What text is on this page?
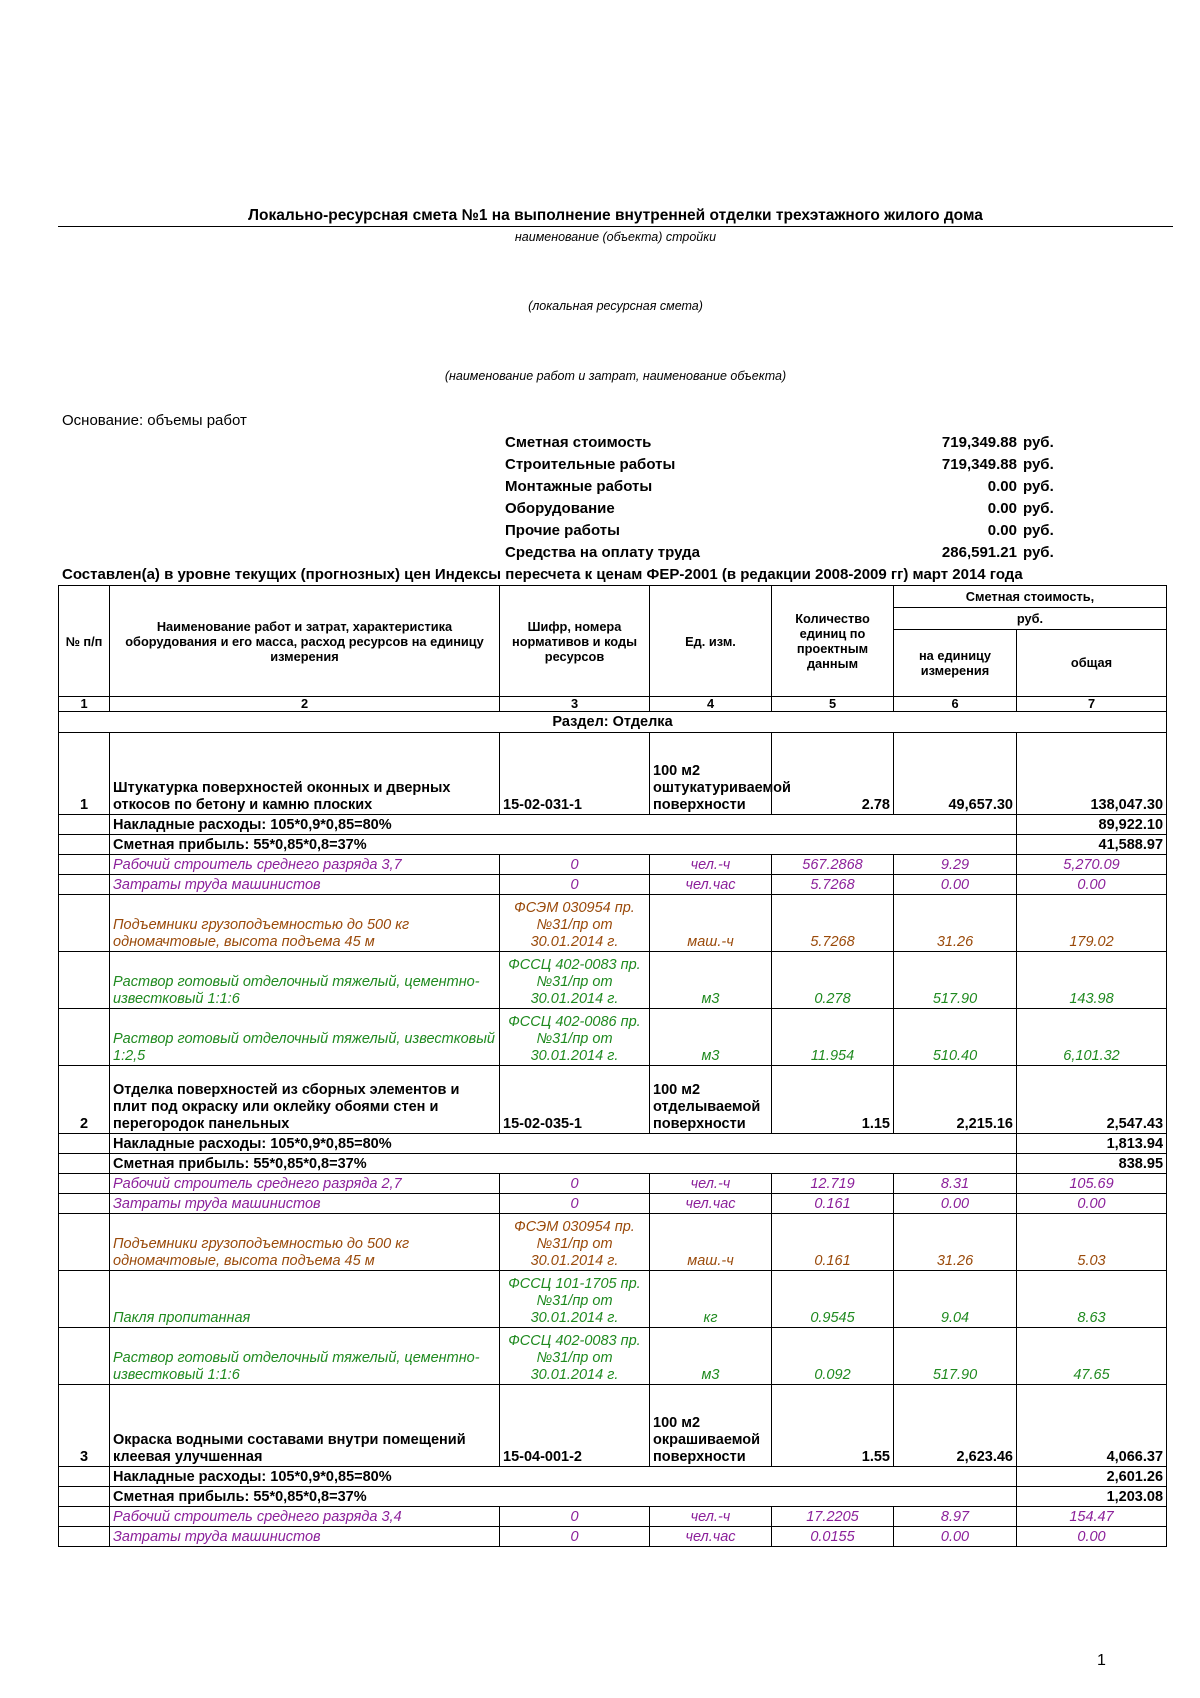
Локально-ресурсная смета №1 на выполнение внутренней отделки трехэтажного жилого дома
наименование (объекта) стройки
(локальная ресурсная смета)
(наименование работ и затрат, наименование объекта)
Основание: объемы работ
Сметная стоимость	719,349.88 руб.
Строительные работы	719,349.88 руб.
Монтажные работы	0.00 руб.
Оборудование	0.00 руб.
Прочие работы	0.00 руб.
Средства на оплату труда	286,591.21 руб.
Составлен(а) в уровне текущих (прогнозных) цен Индексы пересчета к ценам ФЕР-2001 (в редакции 2008-2009 гг) март 2014 года
№ п/п	Наименование работ и затрат, характеристика оборудования и его масса, расход ресурсов на единицу измерения	Шифр, номера нормативов и коды ресурсов	Ед. изм.	Количество единиц по проектным данным	Сметная стоимость,	
					руб.	
					на единицу измерения	общая
1	2	3	4	5	6	7
Раздел: Отделка						
1	Штукатурка поверхностей оконных и дверных откосов по бетону и камню плоских	15-02-031-1	100 м2 оштукатуриваемой поверхности	2.78	49,657.30	138,047.30
	Накладные расходы: 105*0,9*0,85=80%					89,922.10
	Сметная прибыль: 55*0,85*0,8=37%					41,588.97
	Рабочий строитель среднего разряда 3,7	0	чел.-ч	567.2868	9.29	5,270.09
	Затраты труда машинистов	0	чел.час	5.7268	0.00	0.00
	Подъемники грузоподъемностью до 500 кг одномачтовые, высота подъема 45 м	ФСЭМ 030954 пр. №31/пр от 30.01.2014 г.	маш.-ч	5.7268	31.26	179.02
	Раствор готовый отделочный тяжелый, цементно-известковый 1:1:6	ФССЦ 402-0083 пр. №31/пр от 30.01.2014 г.	м3	0.278	517.90	143.98
	Раствор готовый отделочный тяжелый, известковый 1:2,5	ФССЦ 402-0086 пр. №31/пр от 30.01.2014 г.	м3	11.954	510.40	6,101.32
2	Отделка поверхностей из сборных элементов и плит под окраску или оклейку обоями стен и перегородок панельных	15-02-035-1	100 м2 отделываемой поверхности	1.15	2,215.16	2,547.43
	Накладные расходы: 105*0,9*0,85=80%					1,813.94
	Сметная прибыль: 55*0,85*0,8=37%					838.95
	Рабочий строитель среднего разряда 2,7	0	чел.-ч	12.719	8.31	105.69
	Затраты труда машинистов	0	чел.час	0.161	0.00	0.00
	Подъемники грузоподъемностью до 500 кг одномачтовые, высота подъема 45 м	ФСЭМ 030954 пр. №31/пр от 30.01.2014 г.	маш.-ч	0.161	31.26	5.03
	Пакля пропитанная	ФССЦ 101-1705 пр. №31/пр от 30.01.2014 г.	кг	0.9545	9.04	8.63
	Раствор готовый отделочный тяжелый, цементно-известковый 1:1:6	ФССЦ 402-0083 пр. №31/пр от 30.01.2014 г.	м3	0.092	517.90	47.65
3	Окраска водными составами внутри помещений клеевая улучшенная	15-04-001-2	100 м2 окрашиваемой поверхности	1.55	2,623.46	4,066.37
	Накладные расходы: 105*0,9*0,85=80%					2,601.26
	Сметная прибыль: 55*0,85*0,8=37%					1,203.08
	Рабочий строитель среднего разряда 3,4	0	чел.-ч	17.2205	8.97	154.47
	Затраты труда машинистов	0	чел.час	0.0155	0.00	0.00
1
